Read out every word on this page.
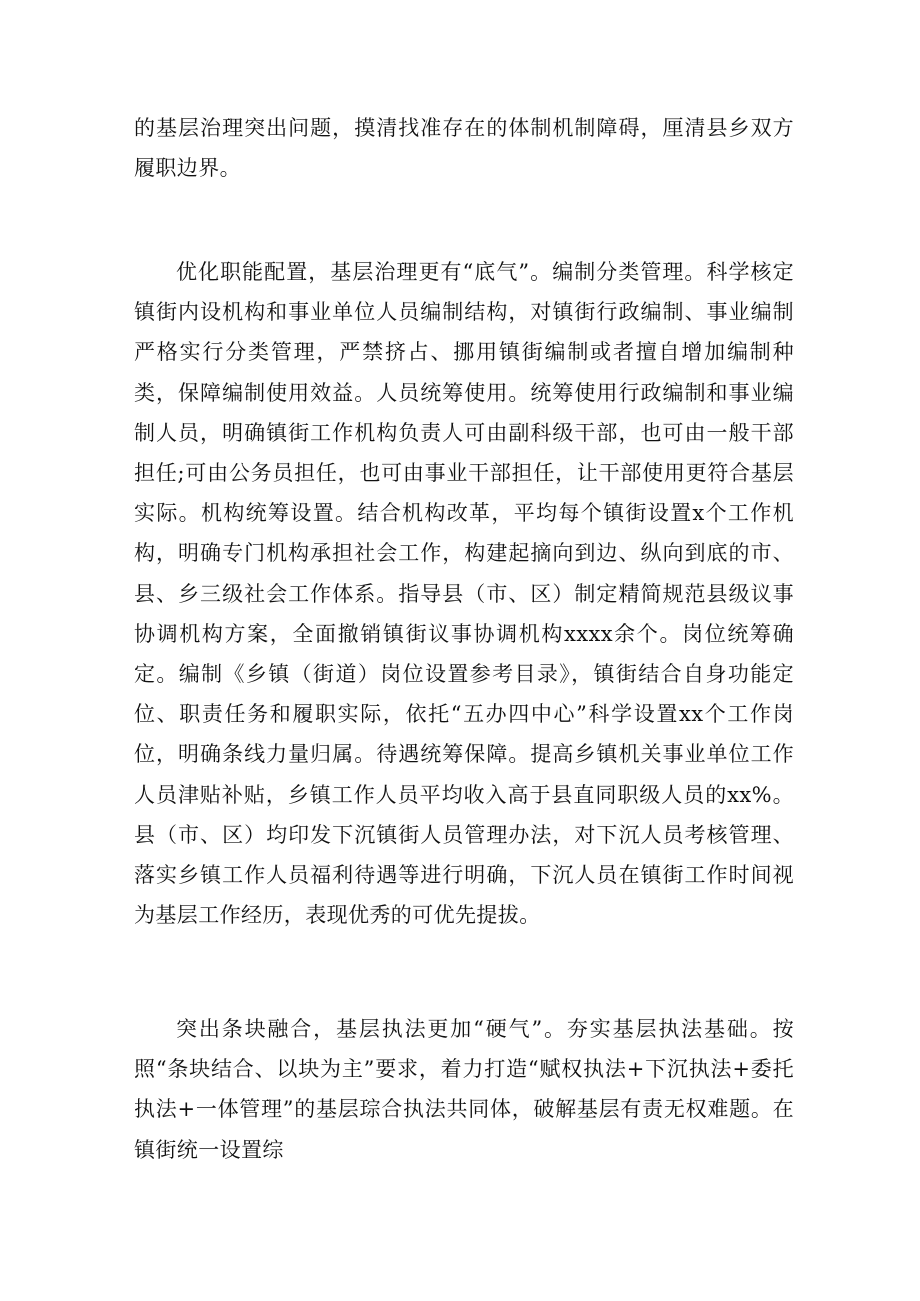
的基层治理突出问题，摸清找准存在的体制机制障碍，厘清县乡双方履职边界。

优化职能配置，基层治理更有“底气”。编制分类管理。科学核定镇街内设机构和事业单位人员编制结构，对镇街行政编制、事业编制严格实行分类管理，严禁挤占、挪用镇街编制或者擅自增加编制种类，保障编制使用效益。人员统筹使用。统筹使用行政编制和事业编制人员，明确镇街工作机构负责人可由副科级干部，也可由一般干部担任;可由公务员担任，也可由事业干部担任，让干部使用更符合基层实际。机构统筹设置。结合机构改革，平均每个镇街设置x个工作机构，明确专门机构承担社会工作，构建起摘向到边、纵向到底的市、县、乡三级社会工作体系。指导县（市、区）制定精简规范县级议事协调机构方案，全面撤销镇街议事协调机构xxxx余个。岗位统筹确定。编制《乡镇（街道）岗位设置参考目录》，镇街结合自身功能定位、职责任务和履职实际，依托“五办四中心”科学设置xx个工作岗位，明确条线力量归属。待遇统筹保障。提高乡镇机关事业单位工作人员津贴补贴，乡镇工作人员平均收入高于县直同职级人员的xx%。县（市、区）均印发下沉镇街人员管理办法，对下沉人员考核管理、落实乡镇工作人员福利待遇等进行明确，下沉人员在镇街工作时间视为基层工作经历，表现优秀的可优先提拔。

突出条块融合，基层执法更加“硬气”。夯实基层执法基础。按照“条块结合、以块为主”要求，着力打造“赋权执法+下沉执法+委托执法+一体管理”的基层琮合执法共同体，破解基层有责无权难题。在镇街统一设置综
